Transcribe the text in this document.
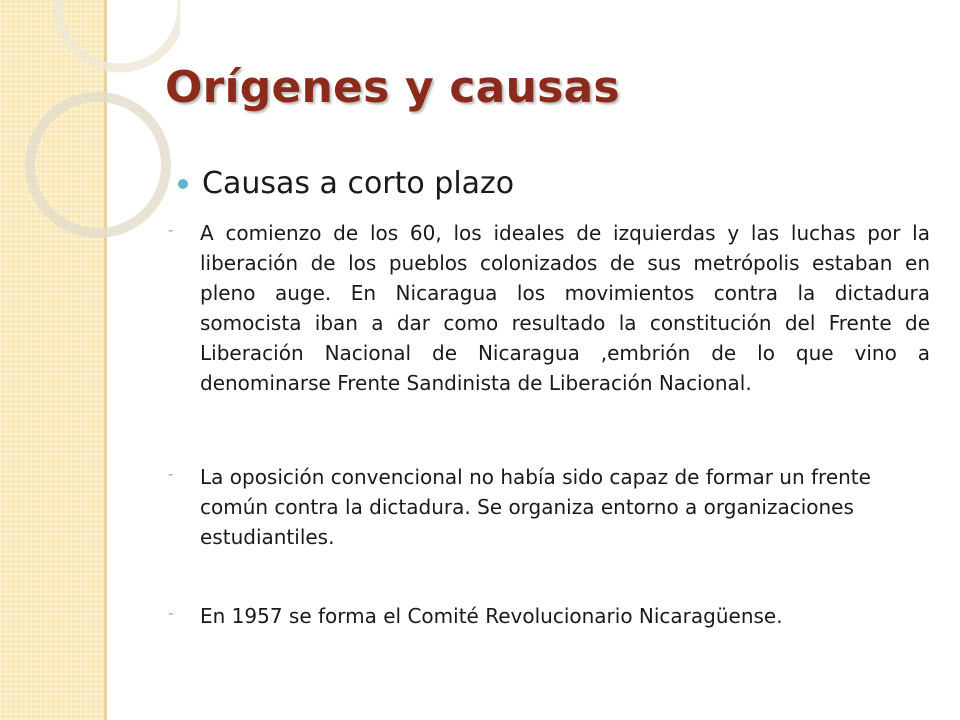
Orígenes y causas
Causas a corto plazo
- A comienzo de los 60, los ideales de izquierdas y las luchas por la liberación de los pueblos colonizados de sus metrópolis estaban en pleno auge. En Nicaragua los movimientos contra la dictadura somocista iban a dar como resultado la constitución del Frente de Liberación Nacional de Nicaragua ,embrión de lo que vino a denominarse Frente Sandinista de Liberación Nacional.
- La oposición convencional no había sido capaz de formar un frente común contra la dictadura. Se organiza entorno a organizaciones estudiantiles.
- En 1957 se forma el Comité Revolucionario Nicaragüense.
